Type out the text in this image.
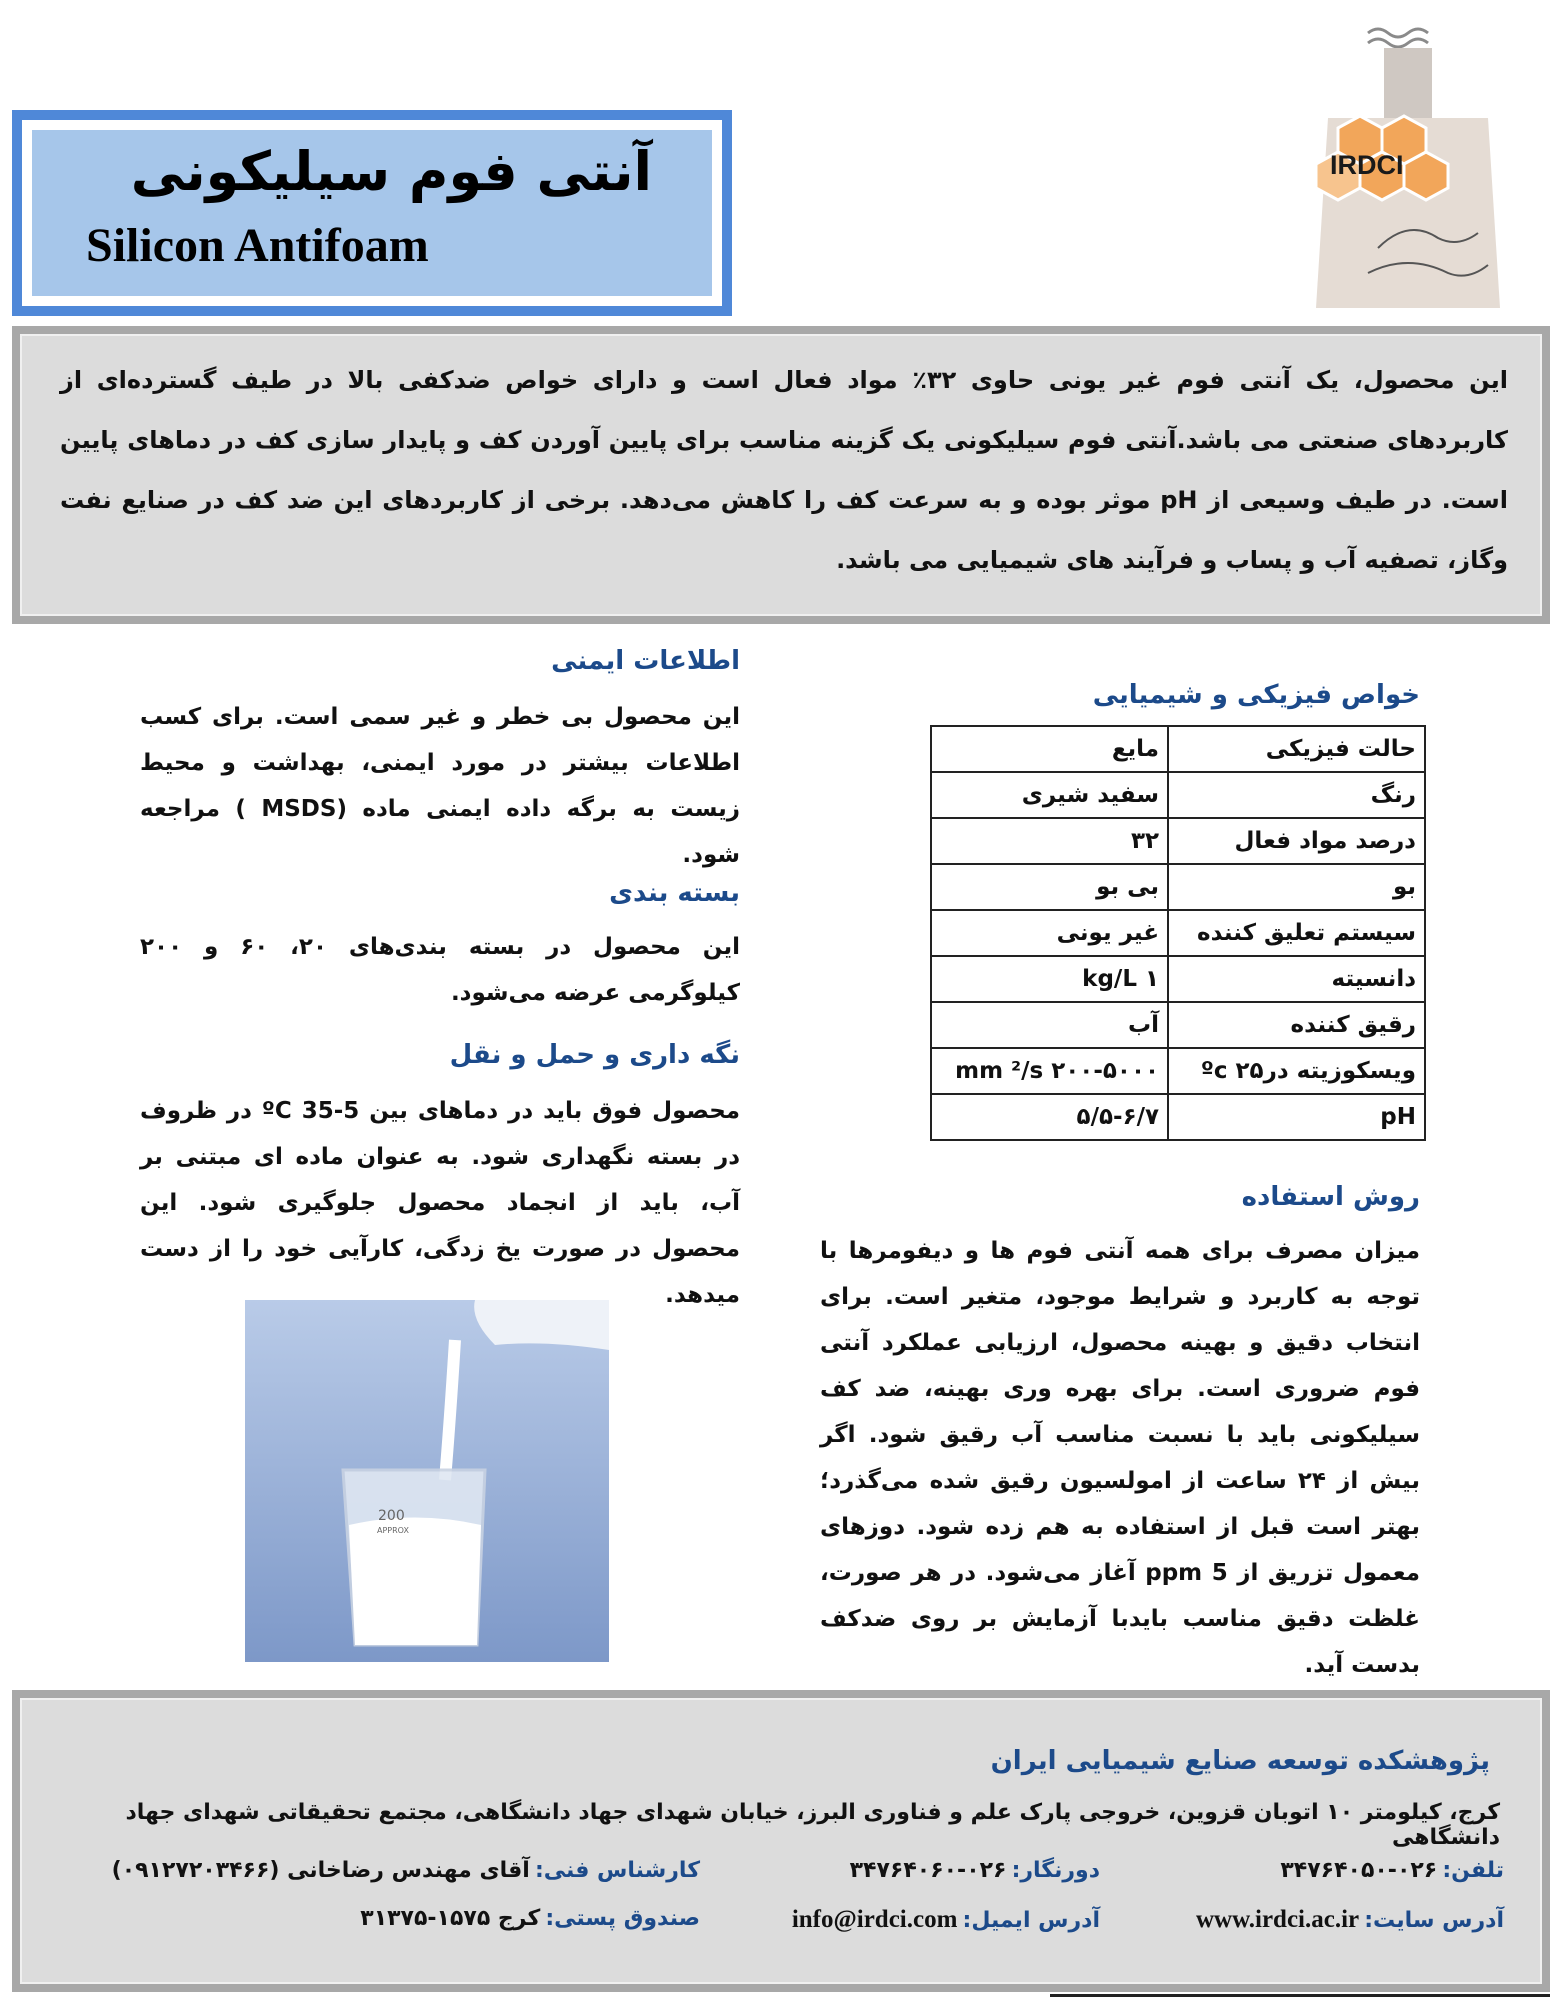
آنتی فوم سیلیکونی
Silicon Antifoam
IRDCI
این محصول، یک آنتی فوم غیر یونی حاوی ۳۲٪ مواد فعال است و دارای خواص ضدکفی بالا در طیف گسترده‌ای از کاربردهای صنعتی می باشد.آنتی فوم سیلیکونی یک گزینه مناسب برای پایین آوردن کف و پایدار سازی کف در دماهای پایین است. در طیف وسیعی از pH موثر بوده و به سرعت کف را کاهش می‌دهد. برخی از کاربردهای این ضد کف در صنایع نفت وگاز، تصفیه آب و پساب و فرآیند های شیمیایی می باشد.
اطلاعات ایمنی
این محصول بی خطر و غیر سمی است. برای کسب اطلاعات بیشتر در مورد ایمنی، بهداشت و محیط زیست به برگه داده ایمنی ماده (MSDS ) مراجعه شود.
بسته بندی
این محصول در بسته بندی‌های ۲۰، ۶۰ و ۲۰۰ کیلوگرمی عرضه می‌شود.
نگه داری و حمل و نقل
محصول فوق باید در دماهای بین 5-35 ºC در ظروف در بسته نگهداری شود. به عنوان ماده ای مبتنی بر آب، باید از انجماد محصول جلوگیری شود. این محصول در صورت یخ زدگی، کارآیی خود را از دست میدهد.
خواص فیزیکی و شیمیایی
حالت فیزیکی	مایع
رنگ	سفید شیری
درصد مواد فعال	۳۲
بو	بی بو
سیستم تعلیق کننده	غیر یونی
دانسیته	۱ kg/L
رقیق کننده	آب
ویسکوزیته در۲۵ ºc	۲۰۰-۵۰۰۰ mm ²/s
pH	۵/۵-۶/۷
روش استفاده
میزان مصرف برای همه آنتی فوم ها و دیفومرها با توجه به کاربرد و شرایط موجود، متغیر است. برای انتخاب دقیق و بهینه محصول، ارزیابی عملکرد آنتی فوم ضروری است. برای بهره وری بهینه، ضد کف سیلیکونی باید با نسبت مناسب آب رقیق شود. اگر بیش از ۲۴ ساعت از امولسیون رقیق شده می‌گذرد؛ بهتر است قبل از استفاده به هم زده شود. دوزهای معمول تزریق از 5 ppm آغاز می‌شود. در هر صورت، غلظت دقیق مناسب بایدبا آزمایش بر روی ضدکف بدست آید.
200
APPROX
پژوهشکده توسعه صنایع شیمیایی ایران
کرج، کیلومتر ۱۰ اتوبان قزوین، خروجی پارک علم و فناوری البرز، خیابان شهدای جهاد دانشگاهی، مجتمع تحقیقاتی شهدای جهاد دانشگاهی
تلفن: ۰۲۶-۳۴۷۶۴۰۵۰
دورنگار: ۰۲۶-۳۴۷۶۴۰۶۰
کارشناس فنی: آقای مهندس رضاخانی (۰۹۱۲۷۲۰۳۴۶۶)
آدرس سایت: www.irdci.ac.ir
آدرس ایمیل: info@irdci.com
صندوق پستی: کرج ۱۵۷۵-۳۱۳۷۵
